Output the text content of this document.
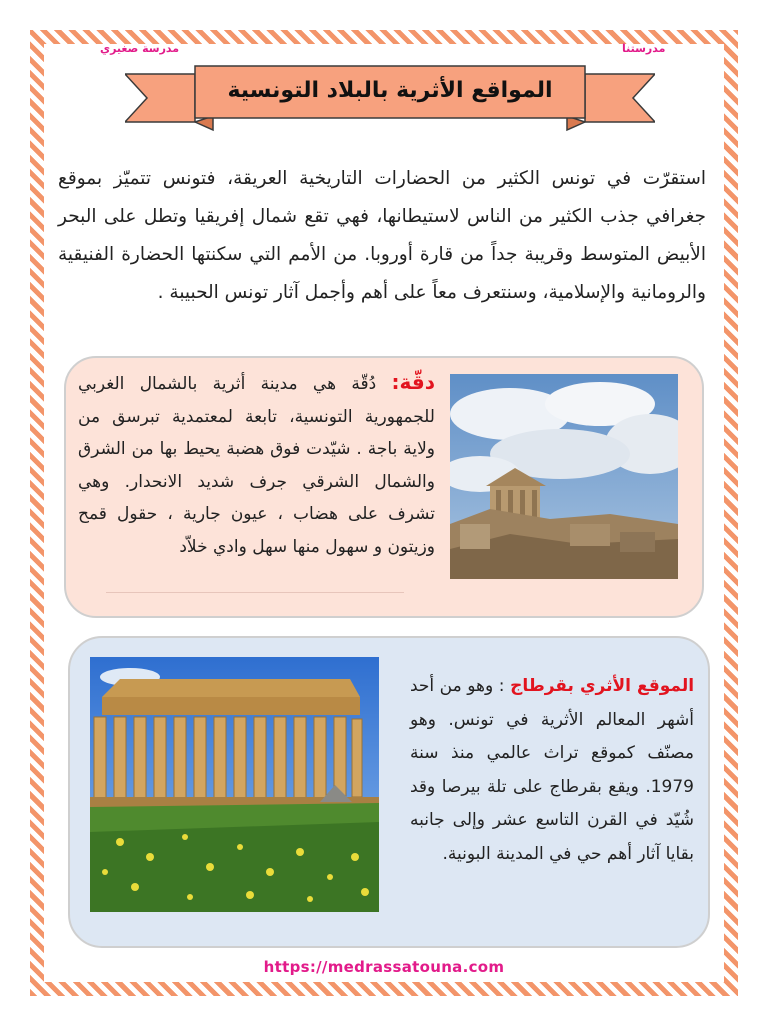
مدرسة صغيري	مدرستنا
المواقع الأثرية بالبلاد التونسية

استقرّت في تونس الكثير من الحضارات التاريخية العريقة، فتونس تتميّز بموقع جغرافي جذب الكثير من الناس لاستيطانها، فهي تقع شمال إفريقيا وتطل على البحر الأبيض المتوسط وقريبة جداً من قارة أوروبا. من الأمم التي سكنتها الحضارة الفنيقية والرومانية والإسلامية، وسنتعرف معاً على أهم وأجمل آثار تونس الحبيبة .

دقّة: دُقّة هي مدينة أثرية بالشمال الغربي للجمهورية التونسية، تابعة لمعتمدية تبرسق من ولاية باجة . شيّدت فوق هضبة يحيط بها من الشرق والشمال الشرقي جرف شديد الانحدار. وهي تشرف على هضاب ، عيون جارية ، حقول قمح وزيتون و سهول منها سهل وادي خلاّد
الموقع الأثري بقرطاج : وهو من أحد أشهر المعالم الأثرية في تونس. وهو مصنّف كموقع تراث عالمي منذ سنة 1979. ويقع بقرطاج على تلة بيرصا وقد شُيّد في القرن التاسع عشر وإلى جانبه بقايا آثار أهم حي في المدينة البونية.
https://medrassatouna.com
